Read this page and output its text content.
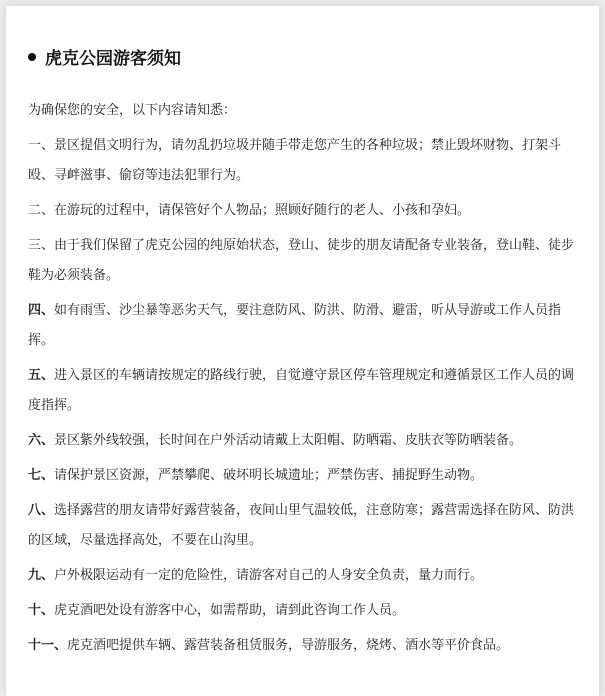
虎克公园游客须知

为确保您的安全，以下内容请知悉：

一、景区提倡文明行为，请勿乱扔垃圾并随手带走您产生的各种垃圾；禁止毁坏财物、打架斗殴、寻衅滋事、偷窃等违法犯罪行为。

二、在游玩的过程中，请保管好个人物品；照顾好随行的老人、小孩和孕妇。

三、由于我们保留了虎克公园的纯原始状态，登山、徒步的朋友请配备专业装备，登山鞋、徒步鞋为必须装备。

四、如有雨雪、沙尘暴等恶劣天气，要注意防风、防洪、防滑、避雷，听从导游或工作人员指挥。

五、进入景区的车辆请按规定的路线行驶，自觉遵守景区停车管理规定和遵循景区工作人员的调度指挥。

六、景区紫外线较强，长时间在户外活动请戴上太阳帽、防晒霜、皮肤衣等防晒装备。

七、请保护景区资源，严禁攀爬、破坏明长城遗址；严禁伤害、捕捉野生动物。

八、选择露营的朋友请带好露营装备，夜间山里气温较低，注意防寒；露营需选择在防风、防洪的区域，尽量选择高处，不要在山沟里。

九、户外极限运动有一定的危险性，请游客对自己的人身安全负责，量力而行。

十、虎克酒吧处设有游客中心，如需帮助，请到此咨询工作人员。

十一、虎克酒吧提供车辆、露营装备租赁服务，导游服务，烧烤、酒水等平价食品。
